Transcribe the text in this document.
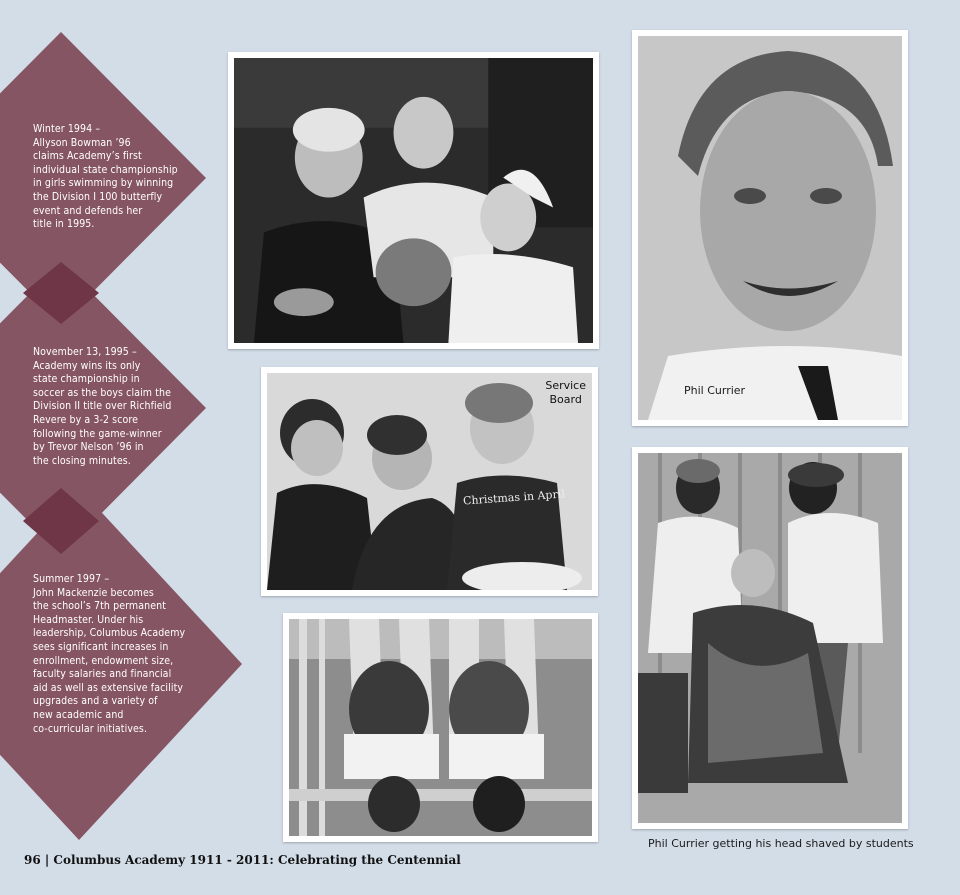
Winter 1994 –
Allyson Bowman ’96
claims Academy’s first
individual state championship
in girls swimming by winning
the Division I 100 butterfly
event and defends her
title in 1995.
November 13, 1995 –
Academy wins its only
state championship in
soccer as the boys claim the
Division II title over Richfield
Revere by a 3-2 score
following the game-winner
by Trevor Nelson ’96 in
the closing minutes.
Summer 1997 –
John Mackenzie becomes
the school’s 7th permanent
Headmaster. Under his
leadership, Columbus Academy
sees significant increases in
enrollment, endowment size,
faculty salaries and financial
aid as well as extensive facility
upgrades and a variety of
new academic and
co-curricular initiatives.
Phil Currier
Christmas in April
Service
Board
Phil Currier getting his head shaved by students
96 | Columbus Academy 1911 - 2011: Celebrating the Centennial
